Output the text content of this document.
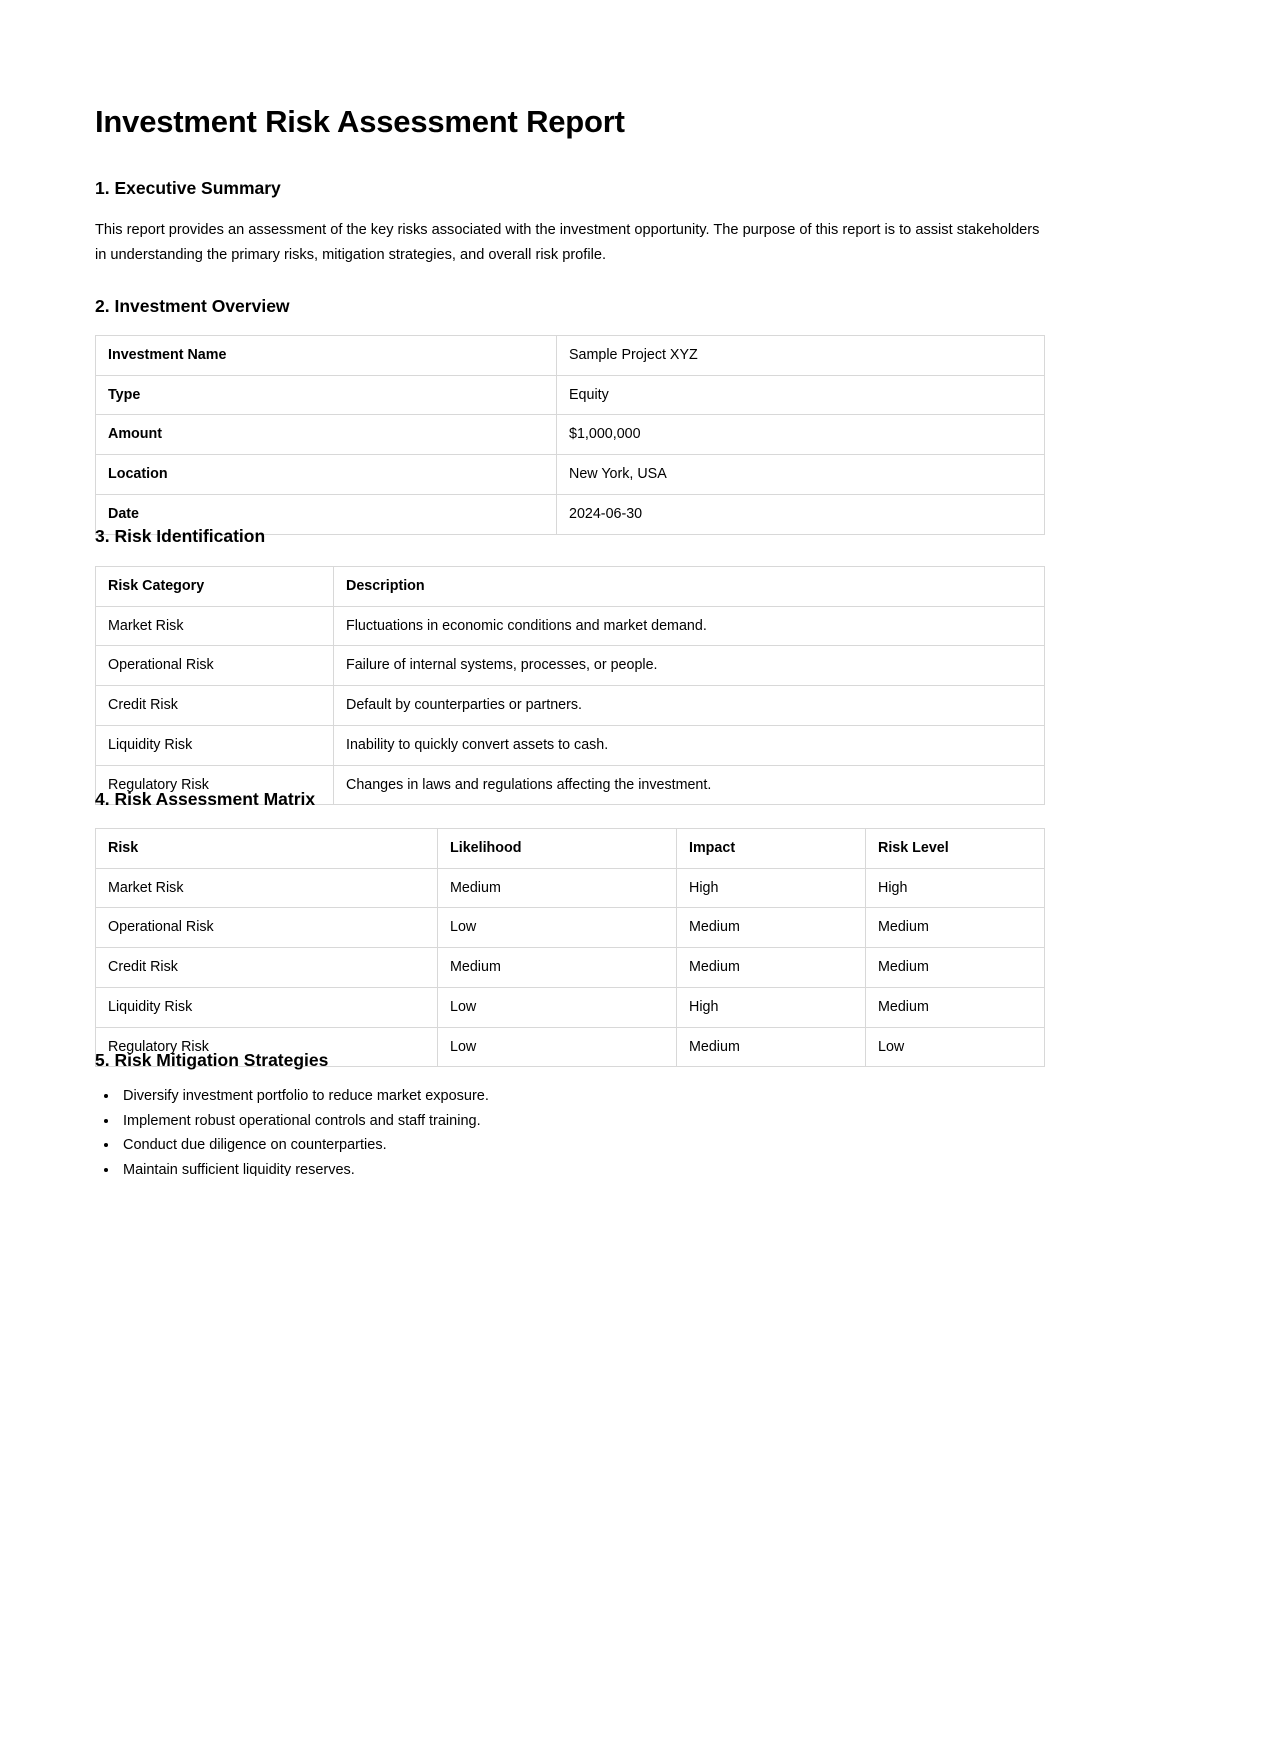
Investment Risk Assessment Report
1. Executive Summary

This report provides an assessment of the key risks associated with the investment opportunity. The purpose of this report is to assist stakeholders in understanding the primary risks, mitigation strategies, and overall risk profile.

2. Investment Overview
Investment Name	Sample Project XYZ
Type	Equity
Amount	$1,000,000
Location	New York, USA
Date	2024-06-30
3. Risk Identification
Risk Category	Description
Market Risk	Fluctuations in economic conditions and market demand.
Operational Risk	Failure of internal systems, processes, or people.
Credit Risk	Default by counterparties or partners.
Liquidity Risk	Inability to quickly convert assets to cash.
Regulatory Risk	Changes in laws and regulations affecting the investment.
4. Risk Assessment Matrix
Risk	Likelihood	Impact	Risk Level
Market Risk	Medium	High	High
Operational Risk	Low	Medium	Medium
Credit Risk	Medium	Medium	Medium
Liquidity Risk	Low	High	Medium
Regulatory Risk	Low	Medium	Low
5. Risk Mitigation Strategies
• Diversify investment portfolio to reduce market exposure.
• Implement robust operational controls and staff training.
• Conduct due diligence on counterparties.
• Maintain sufficient liquidity reserves.
